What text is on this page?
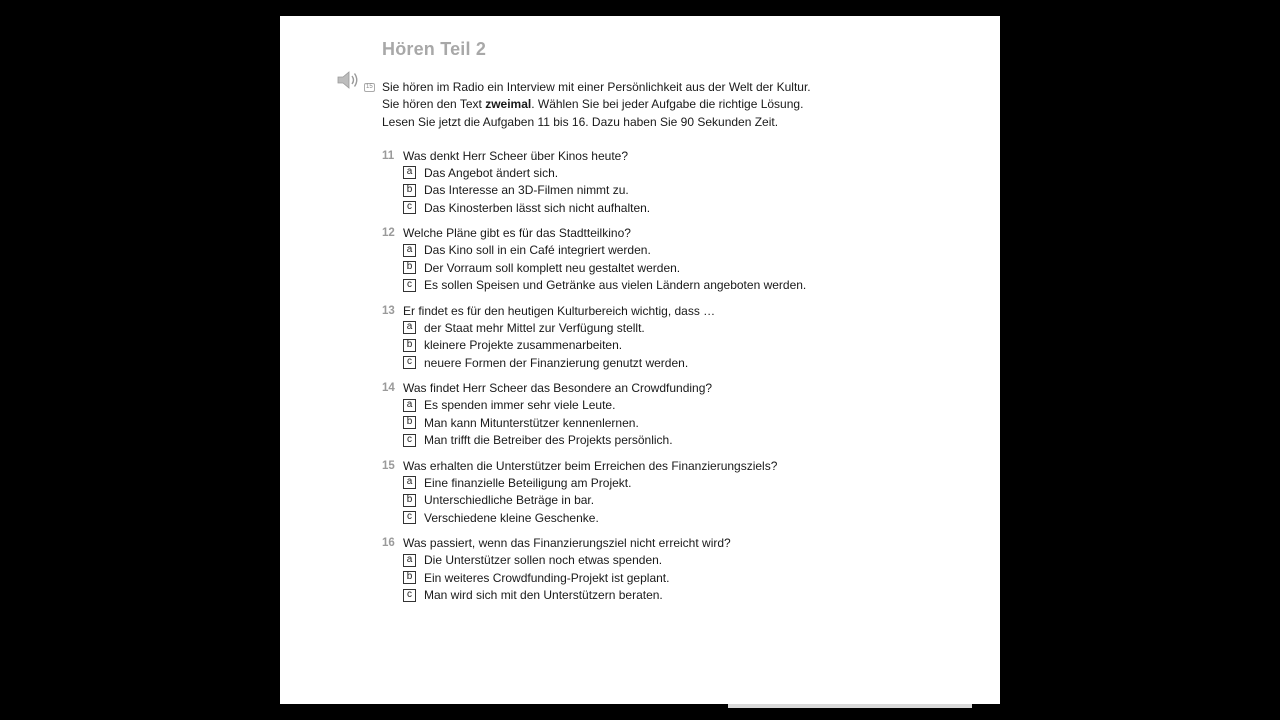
Hören Teil 2
15 Sie hören im Radio ein Interview mit einer Persönlichkeit aus der Welt der Kultur.

Sie hören den Text zweimal. Wählen Sie bei jeder Aufgabe die richtige Lösung.

Lesen Sie jetzt die Aufgaben 11 bis 16. Dazu haben Sie 90 Sekunden Zeit.

11 Was denkt Herr Scheer über Kinos heute?
a Das Angebot ändert sich.
b Das Interesse an 3D-Filmen nimmt zu.
c	Das Kinosterben lässt sich nicht aufhalten.
12 Welche Pläne gibt es für das Stadtteilkino?
a Das Kino soll in ein Café integriert werden.
b Der Vorraum soll komplett neu gestaltet werden.
c	Es sollen Speisen und Getränke aus vielen Ländern angeboten werden.
13 Er findet es für den heutigen Kulturbereich wichtig, dass …
a der Staat mehr Mittel zur Verfügung stellt.
b kleinere Projekte zusammenarbeiten.
c	neuere Formen der Finanzierung genutzt werden.
14 Was findet Herr Scheer das Besondere an Crowdfunding?
a Es spenden immer sehr viele Leute.
b Man kann Mitunterstützer kennenlernen.
c	Man trifft die Betreiber des Projekts persönlich.
15 Was erhalten die Unterstützer beim Erreichen des Finanzierungsziels?
a Eine finanzielle Beteiligung am Projekt.
b Unterschiedliche Beträge in bar.
c	Verschiedene kleine Geschenke.
16 Was passiert, wenn das Finanzierungsziel nicht erreicht wird?
a Die Unterstützer sollen noch etwas spenden.
b Ein weiteres Crowdfunding-Projekt ist geplant.
c	Man wird sich mit den Unterstützern beraten.
